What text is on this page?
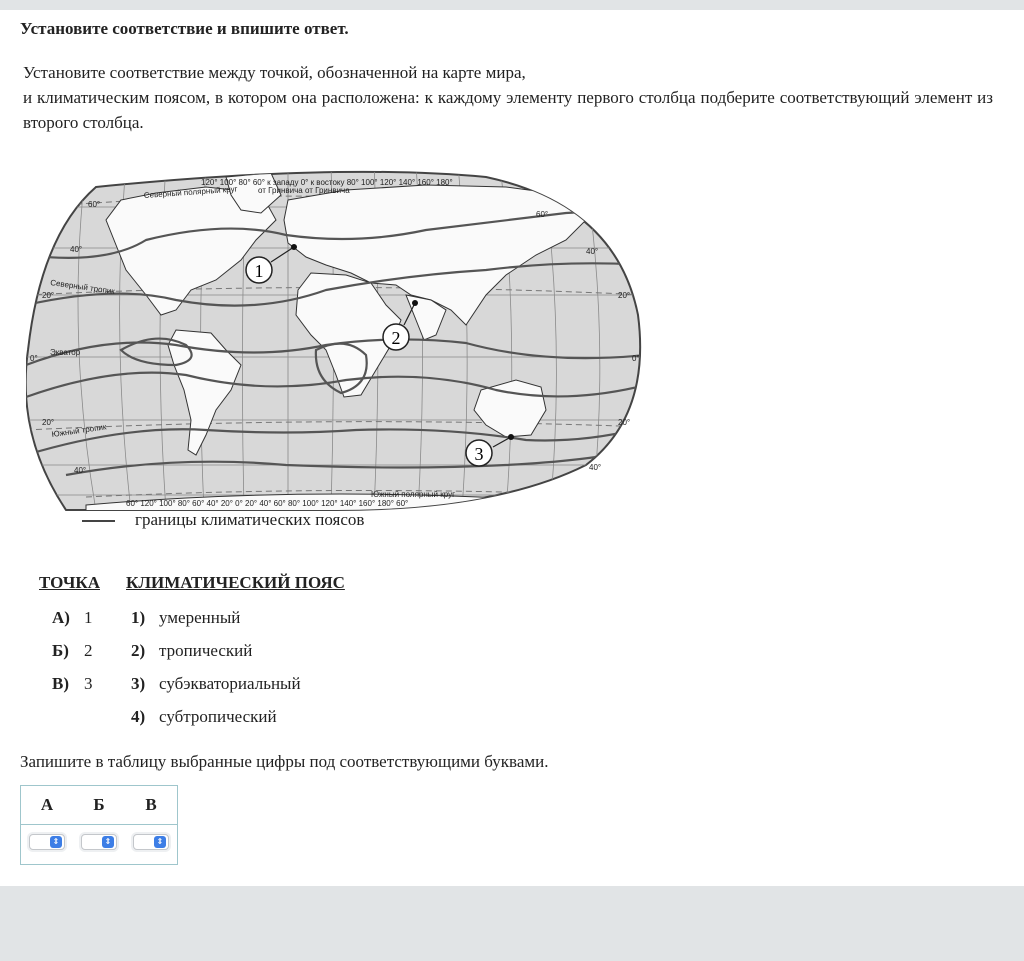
Установите соответствие и впишите ответ.
Установите соответствие между точкой, обозначенной на карте мира,
и климатическим поясом, в котором она расположена: к каждому элементу первого столбца подберите соответствующий элемент из второго столбца.
120° 100° 80° 60° к западу 0° к востоку 80° 100° 120° 140° 160° 180°
от Гринвича от Гринвича
60° 120° 100° 80° 60° 40° 20° 0° 20° 40° 60° 80° 100° 120° 140° 160° 180° 60°
Северный полярный круг
Южный полярный круг
Северный тропик
Южный тропик
Экватор
60°
60°
40°	40°
20°	20°
0°	0°
20°	20°
40°	40°
1
2
3
границы климатических поясов
ТОЧКА КЛИМАТИЧЕСКИЙ ПОЯС
А) 1
Б) 2
В) 3
1) умеренный
2) тропический
3) субэкваториальный
4) субтропический
Запишите в таблицу выбранные цифры под соответствующими буквами.
А	Б	В

⇕	⇕	⇕
